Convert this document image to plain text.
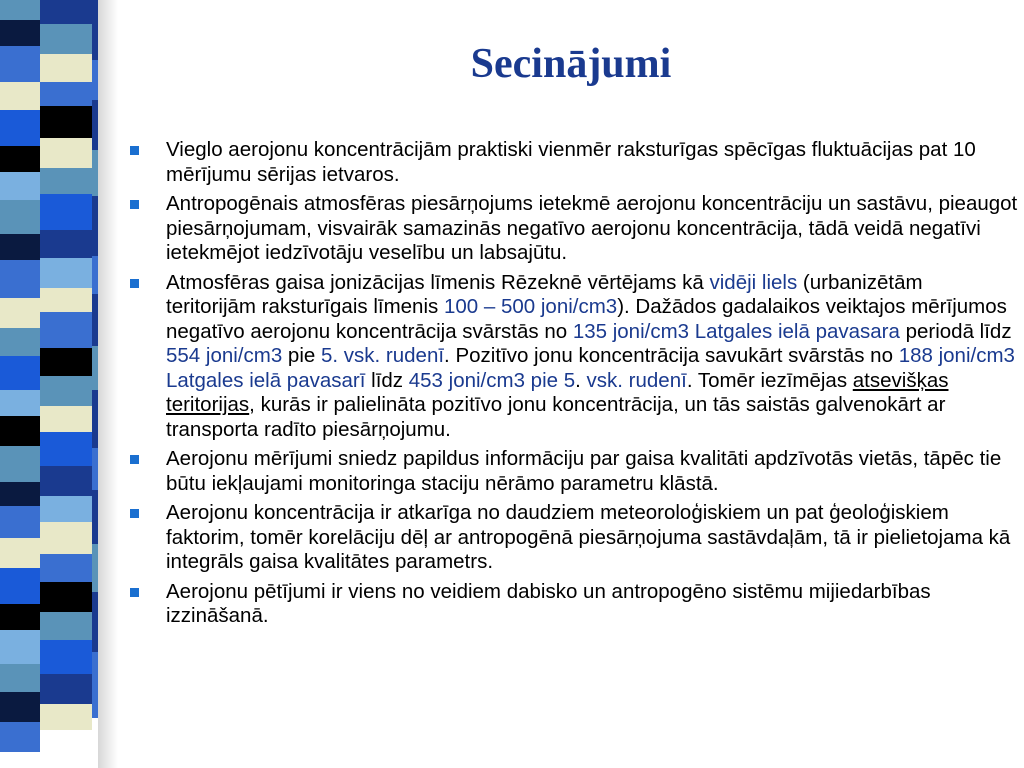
Secinājumi
Vieglo aerojonu koncentrācijām praktiski vienmēr raksturīgas spēcīgas fluktuācijas pat 10 mērījumu sērijas ietvaros.
Antropogēnais atmosfēras piesārņojums ietekmē aerojonu koncentrāciju un sastāvu, pieaugot piesārņojumam, visvairāk samazinās negatīvo aerojonu koncentrācija, tādā veidā negatīvi ietekmējot iedzīvotāju veselību un labsajūtu.
Atmosfēras gaisa jonizācijas līmenis Rēzeknē vērtējams kā vidēji liels (urbanizētām teritorijām raksturīgais līmenis 100 – 500 joni/cm3). Dažādos gadalaikos veiktajos mērījumos negatīvo aerojonu koncentrācija svārstās no 135 joni/cm3 Latgales ielā pavasara periodā līdz 554 joni/cm3 pie 5. vsk. rudenī. Pozitīvo jonu koncentrācija savukārt svārstās no 188 joni/cm3 Latgales ielā pavasarī līdz 453 joni/cm3 pie 5. vsk. rudenī. Tomēr iezīmējas atsevišķas teritorijas, kurās ir palielināta pozitīvo jonu koncentrācija, un tās saistās galvenokārt ar transporta radīto piesārņojumu.
Aerojonu mērījumi sniedz papildus informāciju par gaisa kvalitāti apdzīvotās vietās, tāpēc tie būtu iekļaujami monitoringa staciju nērāmo parametru klāstā.
Aerojonu koncentrācija ir atkarīga no daudziem meteoroloģiskiem un pat ģeoloģiskiem faktorim, tomēr korelāciju dēļ ar antropogēnā piesārņojuma sastāvdaļām, tā ir pielietojama kā integrāls gaisa kvalitātes parametrs.
Aerojonu pētījumi ir viens no veidiem dabisko un antropogēno sistēmu mijiedarbības izzināšanā.
